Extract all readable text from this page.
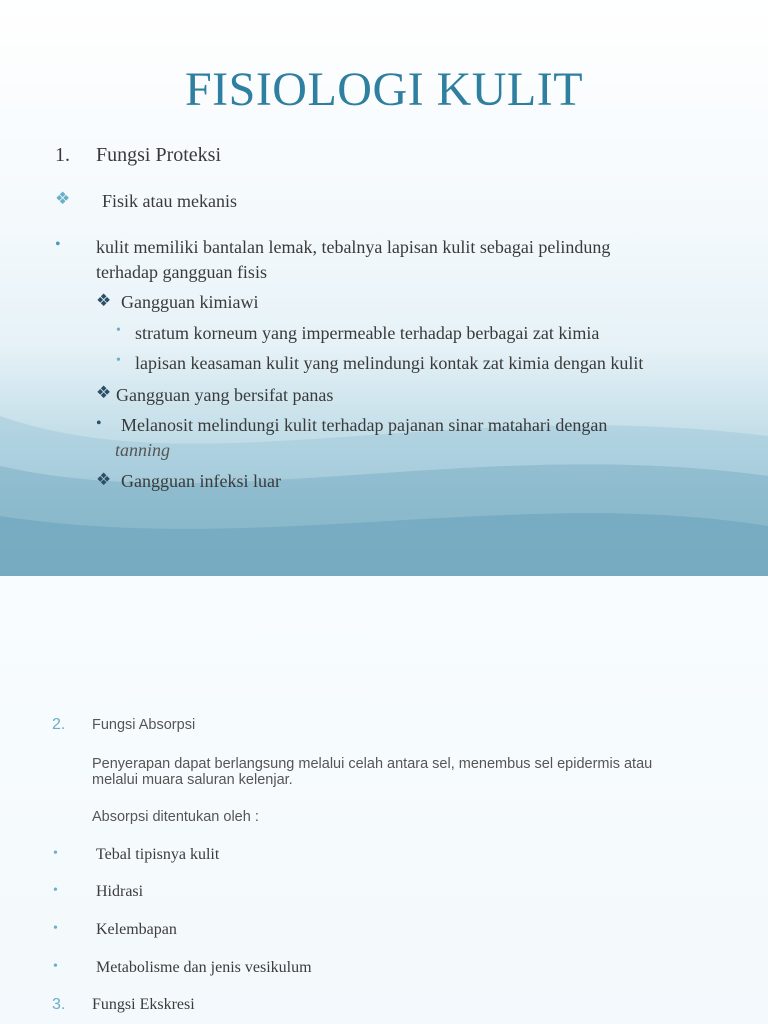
FISIOLOGI KULIT
1. Fungsi Proteksi
❖ Fisik atau mekanis
• kulit memiliki bantalan lemak, tebalnya lapisan kulit sebagai pelindung
terhadap gangguan fisis
❖ Gangguan kimiawi
• stratum korneum yang impermeable terhadap berbagai zat kimia
• lapisan keasaman kulit yang melindungi kontak zat kimia dengan kulit
❖ Gangguan yang bersifat panas
• Melanosit melindungi kulit terhadap pajanan sinar matahari dengan
tanning
❖ Gangguan infeksi luar
2. Fungsi Absorpsi
Penyerapan dapat berlangsung melalui celah antara sel, menembus sel epidermis atau
melalui muara saluran kelenjar.
Absorpsi ditentukan oleh :
• Tebal tipisnya kulit
• Hidrasi
• Kelembapan
• Metabolisme dan jenis vesikulum
3. Fungsi Ekskresi
